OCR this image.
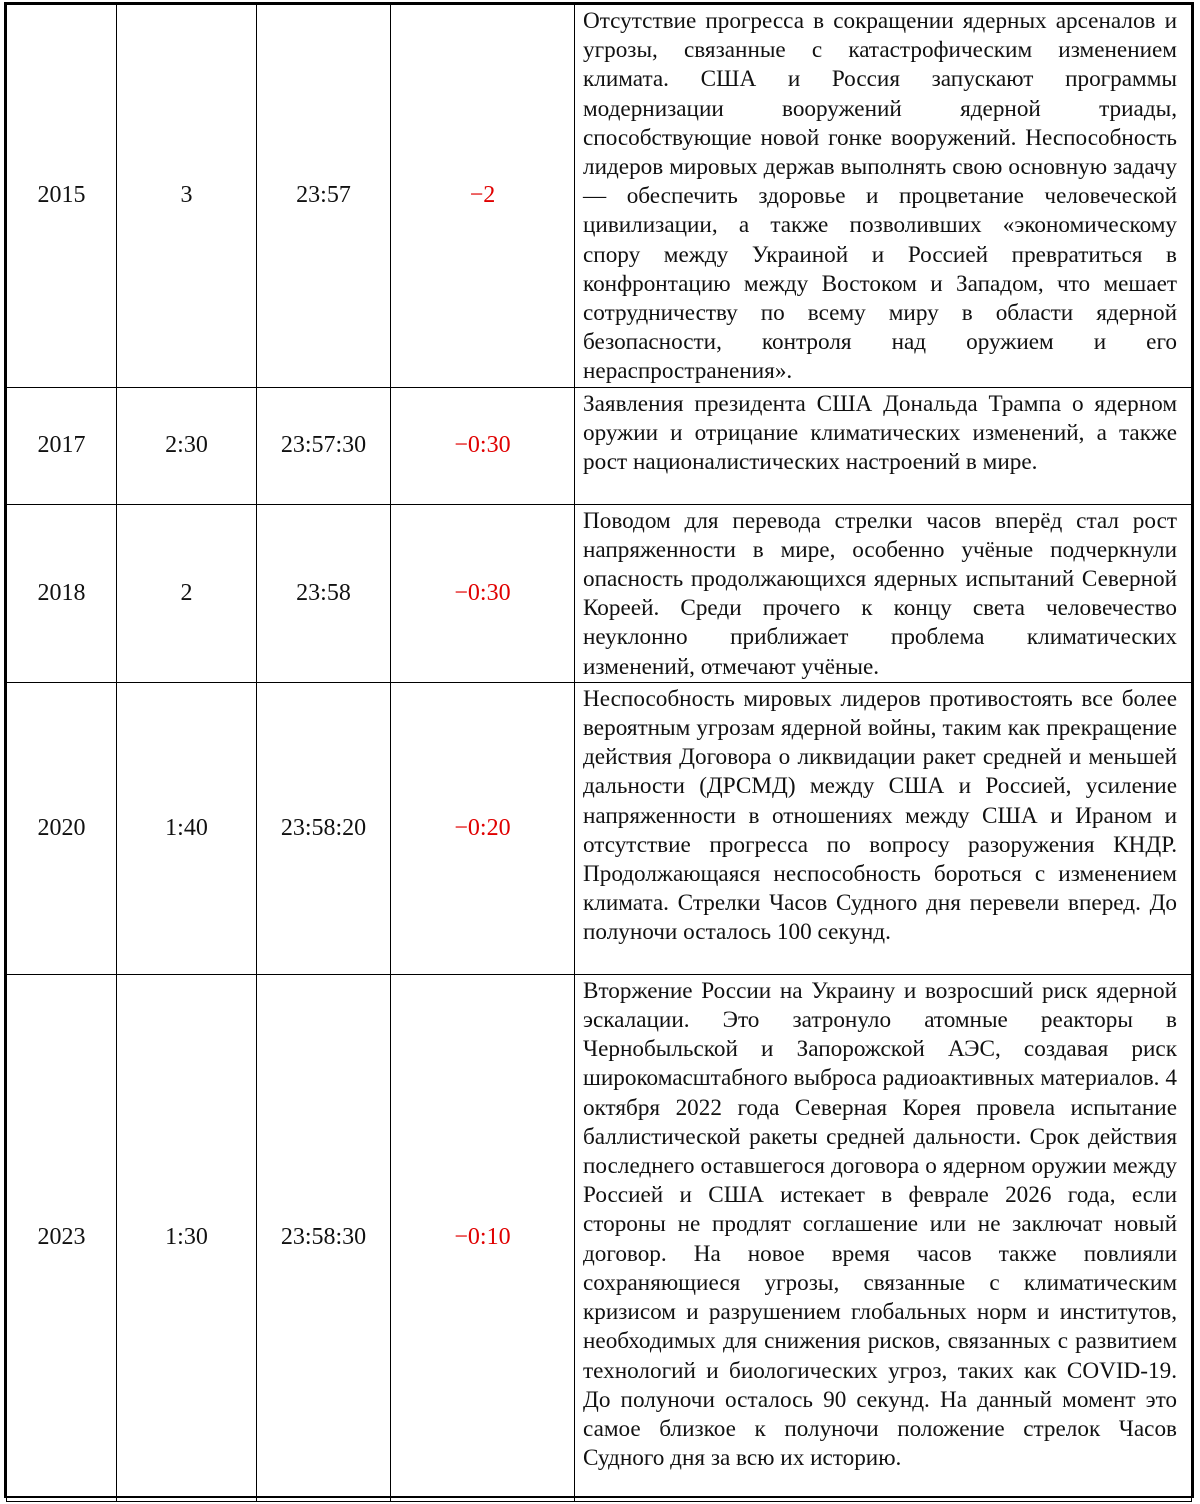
2015	3	23:57	−2	Отсутствие прогресса в сокращении ядерных арсеналов и угрозы, связанные с катастрофическим изменением климата. США и Россия запускают программы модернизации вооружений ядерной триады, способствующие новой гонке вооружений. Неспособность лидеров мировых держав выполнять свою основную задачу — обеспечить здоровье и процветание человеческой цивилизации, а также позволивших «экономическому спору между Украиной и Россией превратиться в конфронтацию между Востоком и Западом, что мешает сотрудничеству по всему миру в области ядерной безопасности, контроля над оружием и его нераспространения».
2017	2:30	23:57:30	−0:30	Заявления президента США Дональда Трампа о ядерном оружии и отрицание климатических изменений, а также рост националистических настроений в мире.
2018	2	23:58	−0:30	Поводом для перевода стрелки часов вперёд стал рост напряженности в мире, особенно учёные подчеркнули опасность продолжающихся ядерных испытаний Северной Кореей. Среди прочего к концу света человечество неуклонно приближает проблема климатических изменений, отмечают учёные.
2020	1:40	23:58:20	−0:20	Неспособность мировых лидеров противостоять все более вероятным угрозам ядерной войны, таким как прекращение действия Договора о ликвидации ракет средней и меньшей дальности (ДРСМД) между США и Россией, усиление напряженности в отношениях между США и Ираном и отсутствие прогресса по вопросу разоружения КНДР. Продолжающаяся неспособность бороться с изменением климата. Стрелки Часов Судного дня перевели вперед. До полуночи осталось 100 секунд.
2023	1:30	23:58:30	−0:10	Вторжение России на Украину и возросший риск ядерной эскалации. Это затронуло атомные реакторы в Чернобыльской и Запорожской АЭС, создавая риск широкомасштабного выброса радиоактивных материалов. 4 октября 2022 года Северная Корея провела испытание баллистической ракеты средней дальности. Срок действия последнего оставшегося договора о ядерном оружии между Россией и США истекает в феврале 2026 года, если стороны не продлят соглашение или не заключат новый договор. На новое время часов также повлияли сохраняющиеся угрозы, связанные с климатическим кризисом и разрушением глобальных норм и институтов, необходимых для снижения рисков, связанных с развитием технологий и биологических угроз, таких как COVID-19. До полуночи осталось 90 секунд. На данный момент это самое близкое к полуночи положение стрелок Часов Судного дня за всю их историю.
